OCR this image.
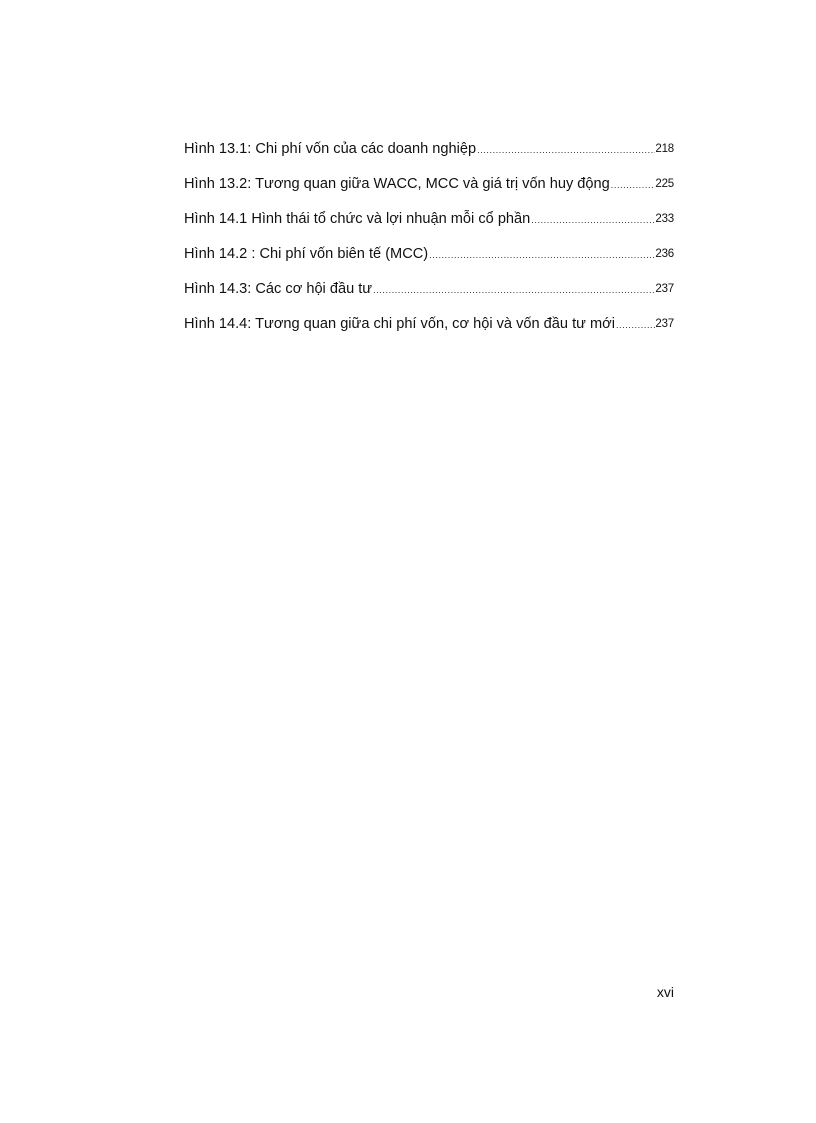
Hình 13.1: Chi phí vốn của các doanh nghiệp .....	218
Hình 13.2: Tương quan giữa WACC, MCC và giá trị vốn huy động .....	225
Hình 14.1 Hình thái tổ chức và lợi nhuận mỗi cổ phần .....	233
Hình 14.2 : Chi phí vốn biên tế (MCC) .....	236
Hình 14.3: Các cơ hội đầu tư .....	237
Hình 14.4: Tương quan giữa chi phí vốn, cơ hội và vốn đầu tư mới .....	237
xvi
